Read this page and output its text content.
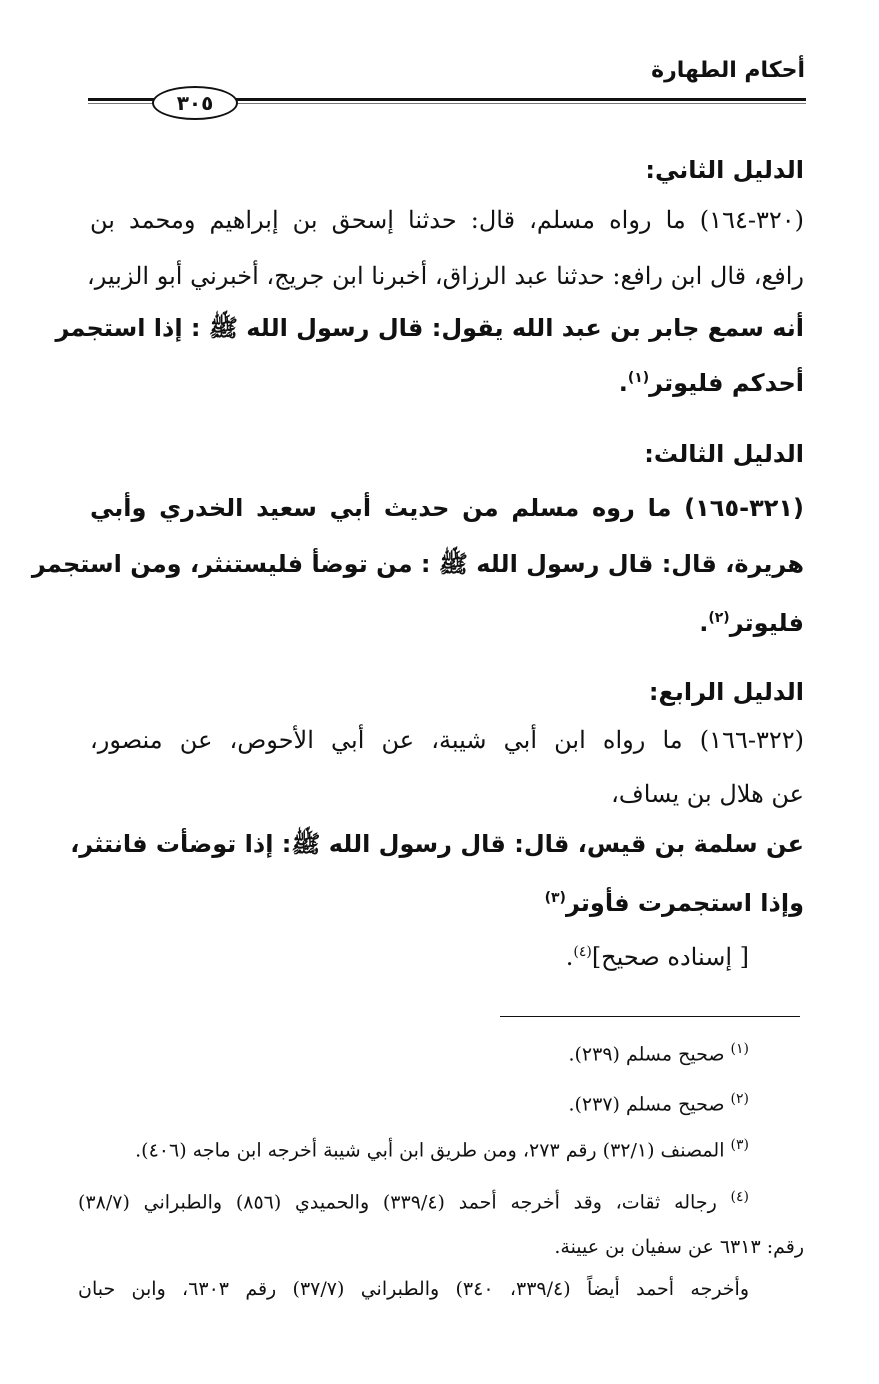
أحكام الطهارة
٣٠٥
الدليل الثاني:
(٣٢٠-١٦٤) ما رواه مسلم، قال: حدثنا إسحق بن إبراهيم ومحمد بن
رافع، قال ابن رافع: حدثنا عبد الرزاق، أخبرنا ابن جريج، أخبرني أبو الزبير،
أنه سمع جابر بن عبد الله يقول: قال رسول الله ﷺ : إذا استجمر
أحدكم فليوتر$^{(١)}$.
الدليل الثالث:
(٣٢١-١٦٥) ما روه مسلم من حديث أبي سعيد الخدري وأبي
هريرة، قال: قال رسول الله ﷺ : من توضأ فليستنثر، ومن استجمر
فليوتر$^{(٢)}$.
الدليل الرابع:
(٣٢٢-١٦٦) ما رواه ابن أبي شيبة، عن أبي الأحوص، عن منصور،
عن هلال بن يساف،
عن سلمة بن قيس، قال: قال رسول الله ﷺ: إذا توضأت فانتثر،
وإذا استجمرت فأوتر$^{(٣)}$
[ إسناده صحيح]$^{(٤)}$.
$^{(١)}$ صحيح مسلم (٢٣٩).
$^{(٢)}$ صحيح مسلم (٢٣٧).
$^{(٣)}$ المصنف (٣٢/١) رقم ٢٧٣، ومن طريق ابن أبي شيبة أخرجه ابن ماجه (٤٠٦).
$^{(٤)}$ رجاله ثقات، وقد أخرجه أحمد (٣٣٩/٤) والحميدي (٨٥٦) والطبراني (٣٨/٧)
رقم: ٦٣١٣ عن سفيان بن عيينة.
وأخرجه أحمد أيضاً (٣٣٩/٤، ٣٤٠) والطبراني (٣٧/٧) رقم ٦٣٠٣، وابن حبان
